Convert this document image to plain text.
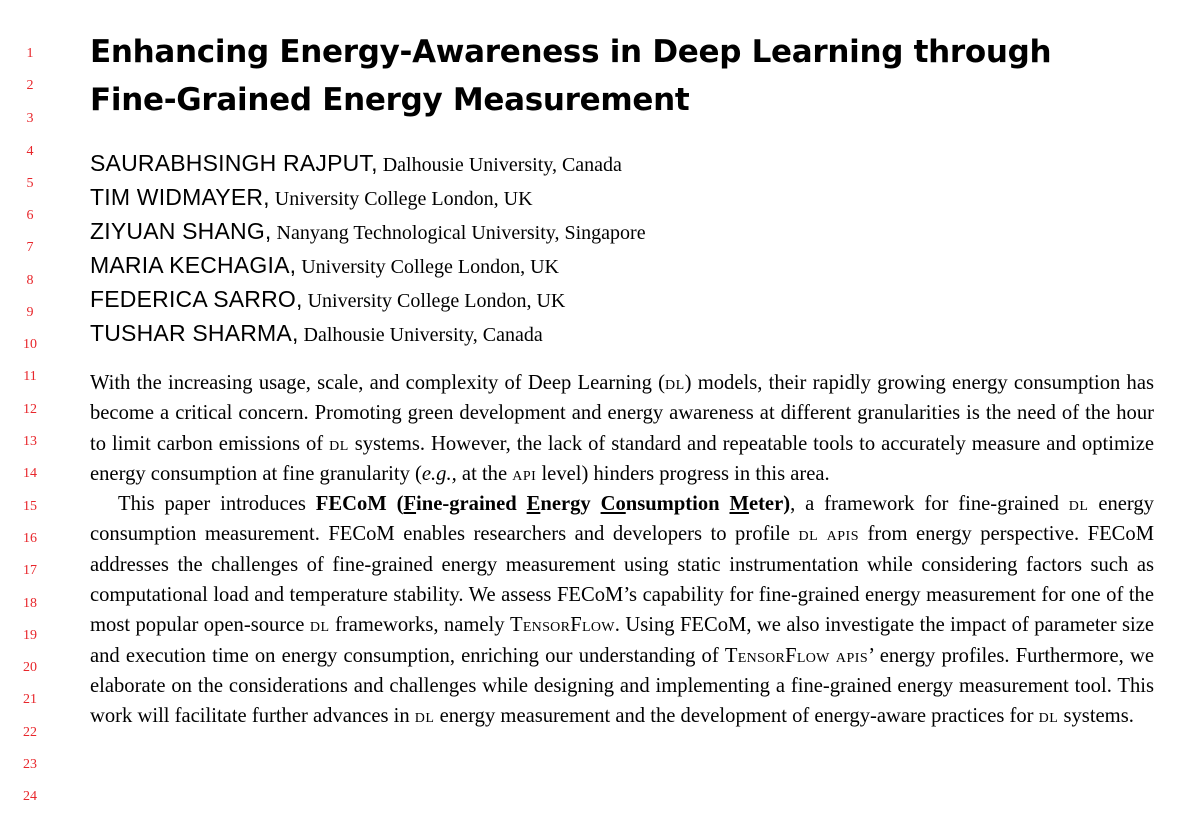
1
2
3
4
5
6
7
8
9
10
11
12
13
14
15
16
17
18
19
20
21
22
23
24
Enhancing Energy-Awareness in Deep Learning through
Fine-Grained Energy Measurement
SAURABHSINGH RAJPUT, Dalhousie University, Canada
TIM WIDMAYER, University College London, UK
ZIYUAN SHANG, Nanyang Technological University, Singapore
MARIA KECHAGIA, University College London, UK
FEDERICA SARRO, University College London, UK
TUSHAR SHARMA, Dalhousie University, Canada

With the increasing usage, scale, and complexity of Deep Learning (dl) models, their rapidly growing energy consumption has become a critical concern. Promoting green development and energy awareness at different granularities is the need of the hour to limit carbon emissions of dl systems. However, the lack of standard and repeatable tools to accurately measure and optimize energy consumption at fine granularity (e.g., at the api level) hinders progress in this area.

This paper introduces FECoM (Fine-grained Energy Consumption Meter), a framework for fine-grained dl energy consumption measurement. FECoM enables researchers and developers to profile dl apis from energy perspective. FECoM addresses the challenges of fine-grained energy measurement using static instrumentation while considering factors such as computational load and temperature stability. We assess FECoM’s capability for fine-grained energy measurement for one of the most popular open-source dl frameworks, namely TensorFlow. Using FECoM, we also investigate the impact of parameter size and execution time on energy consumption, enriching our understanding of TensorFlow apis’ energy profiles. Furthermore, we elaborate on the considerations and challenges while designing and implementing a fine-grained energy measurement tool. This work will facilitate further advances in dl energy measurement and the development of energy-aware practices for dl systems.
